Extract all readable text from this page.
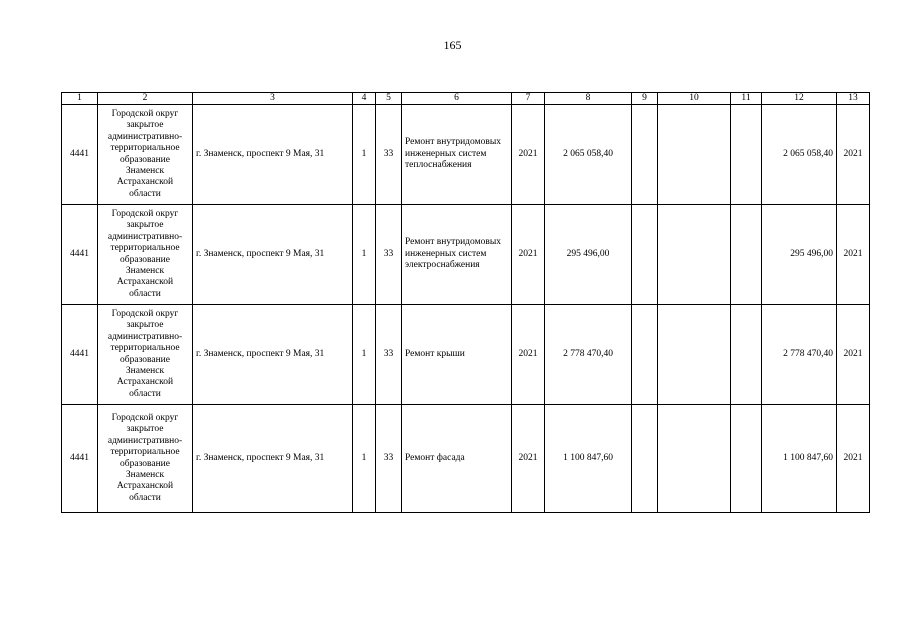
165
1	2	3	4	5	6	7	8	9	10	11	12	13
4441	Городской округ закрытое административно-территориальное образование Знаменск Астраханской области	г. Знаменск, проспект 9 Мая, 31	1	33	Ремонт внутридомовых инженерных систем теплоснабжения	2021	2 065 058,40				2 065 058,40	2021
4441	Городской округ закрытое административно-территориальное образование Знаменск Астраханской области	г. Знаменск, проспект 9 Мая, 31	1	33	Ремонт внутридомовых инженерных систем электроснабжения	2021	295 496,00				295 496,00	2021
4441	Городской округ закрытое административно-территориальное образование Знаменск Астраханской области	г. Знаменск, проспект 9 Мая, 31	1	33	Ремонт крыши	2021	2 778 470,40				2 778 470,40	2021
4441	Городской округ закрытое административно-территориальное образование Знаменск Астраханской области	г. Знаменск, проспект 9 Мая, 31	1	33	Ремонт фасада	2021	1 100 847,60				1 100 847,60	2021
